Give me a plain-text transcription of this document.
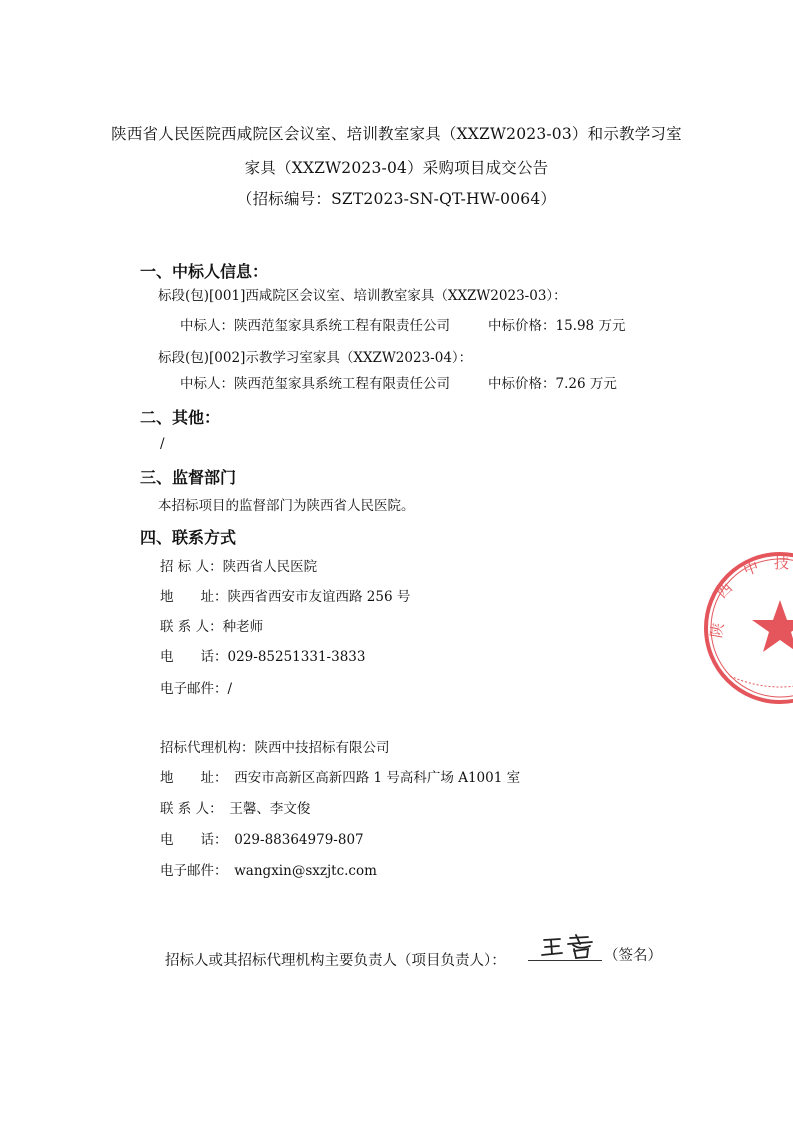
陕西省人民医院西咸院区会议室、培训教室家具（XXZW2023-03）和示教学习室
家具（XXZW2023-04）采购项目成交公告
（招标编号：SZT2023-SN-QT-HW-0064）
一、中标人信息：
标段(包)[001]西咸院区会议室、培训教室家具（XXZW2023-03）：
中标人：陕西范玺家具系统工程有限责任公司	中标价格：15.98 万元
标段(包)[002]示教学习室家具（XXZW2023-04）：
中标人：陕西范玺家具系统工程有限责任公司	中标价格：7.26 万元
二、其他：
/
三、监督部门
本招标项目的监督部门为陕西省人民医院。
四、联系方式
招 标 人：陕西省人民医院
地　　址：陕西省西安市友谊西路 256 号
联 系 人：种老师
电　　话：029-85251331-3833
电子邮件：/
招标代理机构：陕西中技招标有限公司
地　　址：　西安市高新区高新四路 1 号高科广场 A1001 室
联 系 人：　王馨、李文俊
电　　话：　029-88364979-807
电子邮件：　wangxin@sxzjtc.com
招标人或其招标代理机构主要负责人（项目负责人）：	（签名）
陕
西
中 技
